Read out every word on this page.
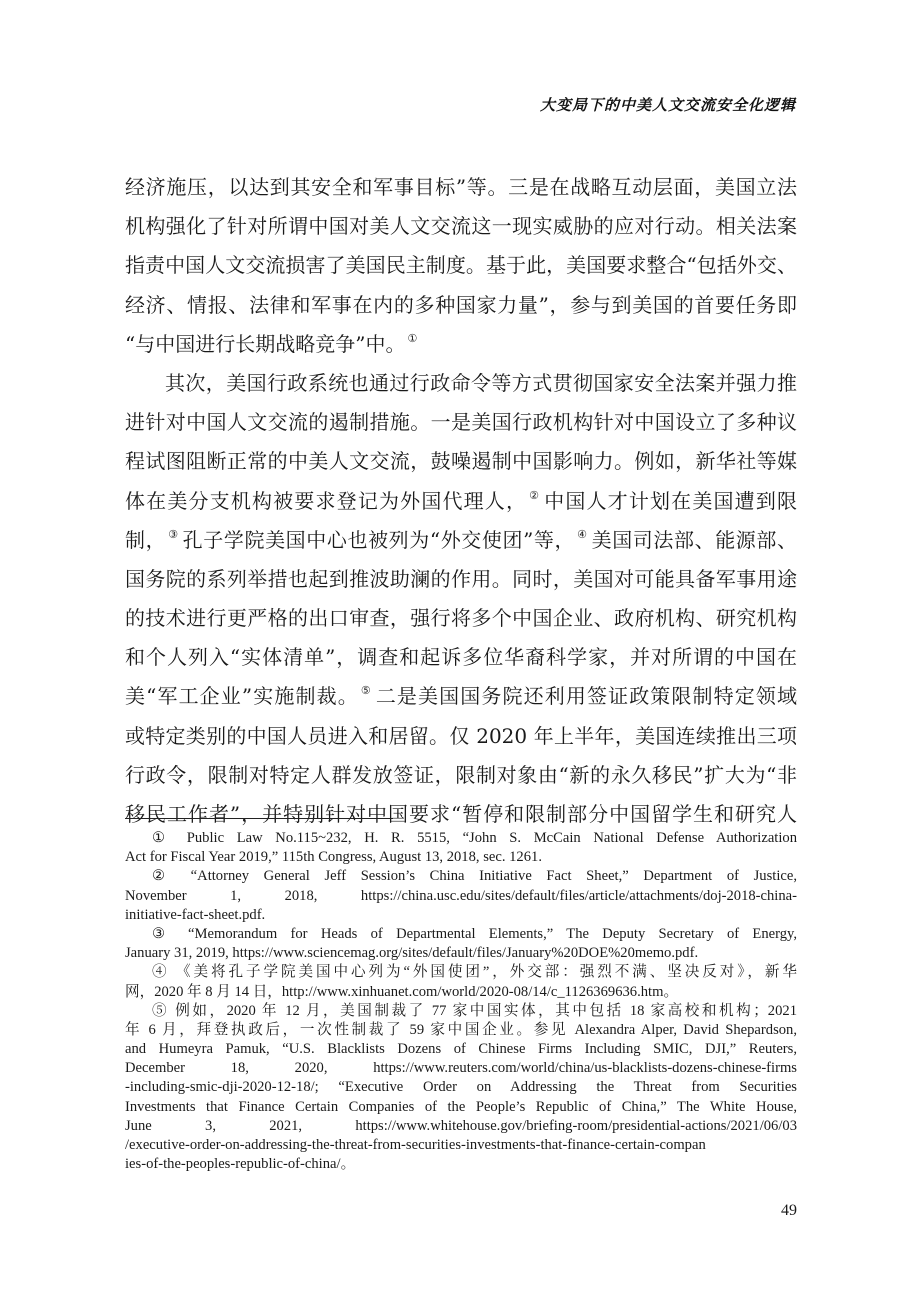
大变局下的中美人文交流安全化逻辑
经济施压，以达到其安全和军事目标”等。三是在战略互动层面，美国立法
机构强化了针对所谓中国对美人文交流这一现实威胁的应对行动。相关法案
指责中国人文交流损害了美国民主制度。基于此，美国要求整合“包括外交、
经济、情报、法律和军事在内的多种国家力量”，参与到美国的首要任务即
“与中国进行长期战略竞争”中。 ①
其次，美国行政系统也通过行政命令等方式贯彻国家安全法案并强力推
进针对中国人文交流的遏制措施。一是美国行政机构针对中国设立了多种议
程试图阻断正常的中美人文交流，鼓噪遏制中国影响力。例如，新华社等媒
体在美分支机构被要求登记为外国代理人， ② 中国人才计划在美国遭到限
制， ③ 孔子学院美国中心也被列为“外交使团”等， ④ 美国司法部、能源部、
国务院的系列举措也起到推波助澜的作用。同时，美国对可能具备军事用途
的技术进行更严格的出口审查，强行将多个中国企业、政府机构、研究机构
和个人列入“实体清单”，调查和起诉多位华裔科学家，并对所谓的中国在
美“军工企业”实施制裁。 ⑤ 二是美国国务院还利用签证政策限制特定领域
或特定类别的中国人员进入和居留。仅 2020 年上半年，美国连续推出三项
行政令，限制对特定人群发放签证，限制对象由“新的永久移民”扩大为“非
移民工作者”，并特别针对中国要求“暂停和限制部分中国留学生和研究人
① Public Law No.115~232, H. R. 5515, “John S. McCain National Defense Authorization
Act for Fiscal Year 2019,” 115th Congress, August 13, 2018, sec. 1261.
② “Attorney General Jeff Session’s China Initiative Fact Sheet,” Department of Justice,
November 1, 2018, https://china.usc.edu/sites/default/files/article/attachments/doj-2018-china-
initiative-fact-sheet.pdf.
③ “Memorandum for Heads of Departmental Elements,” The Deputy Secretary of Energy,
January 31, 2019, https://www.sciencemag.org/sites/default/files/January%20DOE%20memo.pdf.
④ 《美将孔子学院美国中心列为“外国使团”，外交部：强烈不满、坚决反对》，新华
网，2020 年 8 月 14 日，http://www.xinhuanet.com/world/2020-08/14/c_1126369636.htm。
⑤ 例如，2020 年 12 月，美国制裁了 77 家中国实体，其中包括 18 家高校和机构；2021
年 6 月，拜登执政后，一次性制裁了 59 家中国企业。参见 Alexandra Alper, David Shepardson,
and Humeyra Pamuk, “U.S. Blacklists Dozens of Chinese Firms Including SMIC, DJI,” Reuters,
December 18, 2020, https://www.reuters.com/world/china/us-blacklists-dozens-chinese-firms
-including-smic-dji-2020-12-18/; “Executive Order on Addressing the Threat from Securities
Investments that Finance Certain Companies of the People’s Republic of China,” The White House,
June 3, 2021, https://www.whitehouse.gov/briefing-room/presidential-actions/2021/06/03
/executive-order-on-addressing-the-threat-from-securities-investments-that-finance-certain-compan
ies-of-the-peoples-republic-of-china/。
49
